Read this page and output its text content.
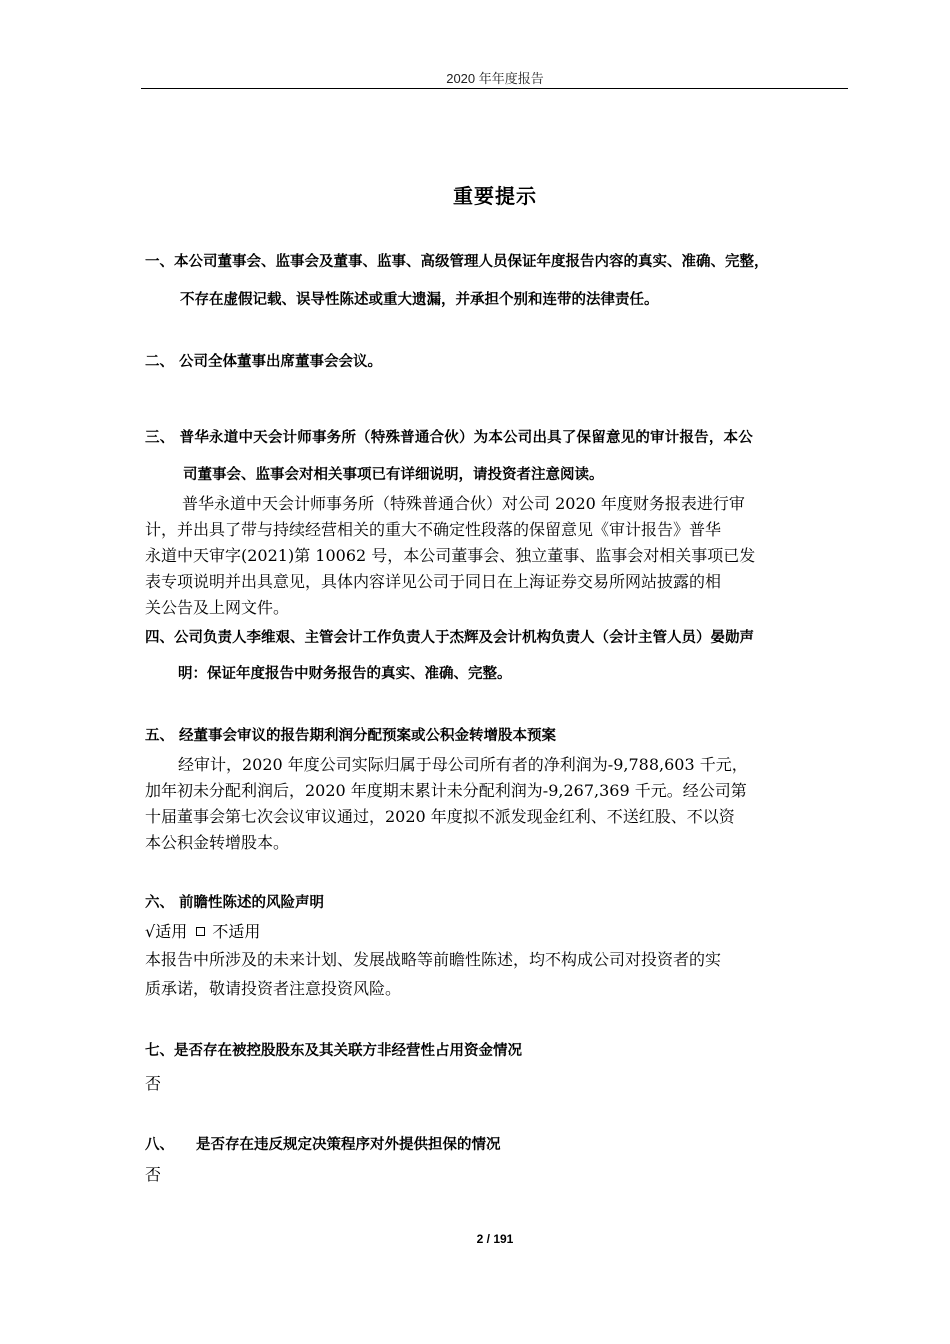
2020 年年度报告
重要提示
一、本公司董事会、监事会及董事、监事、高级管理人员保证年度报告内容的真实、准确、完整，
不存在虚假记载、误导性陈述或重大遗漏，并承担个别和连带的法律责任。
二、 公司全体董事出席董事会会议。
三、 普华永道中天会计师事务所（特殊普通合伙）为本公司出具了保留意见的审计报告，本公
司董事会、监事会对相关事项已有详细说明，请投资者注意阅读。
普华永道中天会计师事务所（特殊普通合伙）对公司 2020 年度财务报表进行审
计，并出具了带与持续经营相关的重大不确定性段落的保留意见《审计报告》普华
永道中天审字(2021)第 10062 号，本公司董事会、独立董事、监事会对相关事项已发
表专项说明并出具意见，具体内容详见公司于同日在上海证券交易所网站披露的相
关公告及上网文件。
四、公司负责人李维艰、主管会计工作负责人于杰辉及会计机构负责人（会计主管人员）晏勋声
明：保证年度报告中财务报告的真实、准确、完整。
五、 经董事会审议的报告期利润分配预案或公积金转增股本预案
经审计，2020 年度公司实际归属于母公司所有者的净利润为-9,788,603 千元，
加年初未分配利润后，2020 年度期末累计未分配利润为-9,267,369 千元。经公司第
十届董事会第七次会议审议通过，2020 年度拟不派发现金红利、不送红股、不以资
本公积金转增股本。
六、 前瞻性陈述的风险声明
√适用 不适用
本报告中所涉及的未来计划、发展战略等前瞻性陈述，均不构成公司对投资者的实
质承诺，敬请投资者注意投资风险。
七、是否存在被控股股东及其关联方非经营性占用资金情况
否
八、 是否存在违反规定决策程序对外提供担保的情况
否
2 / 191
